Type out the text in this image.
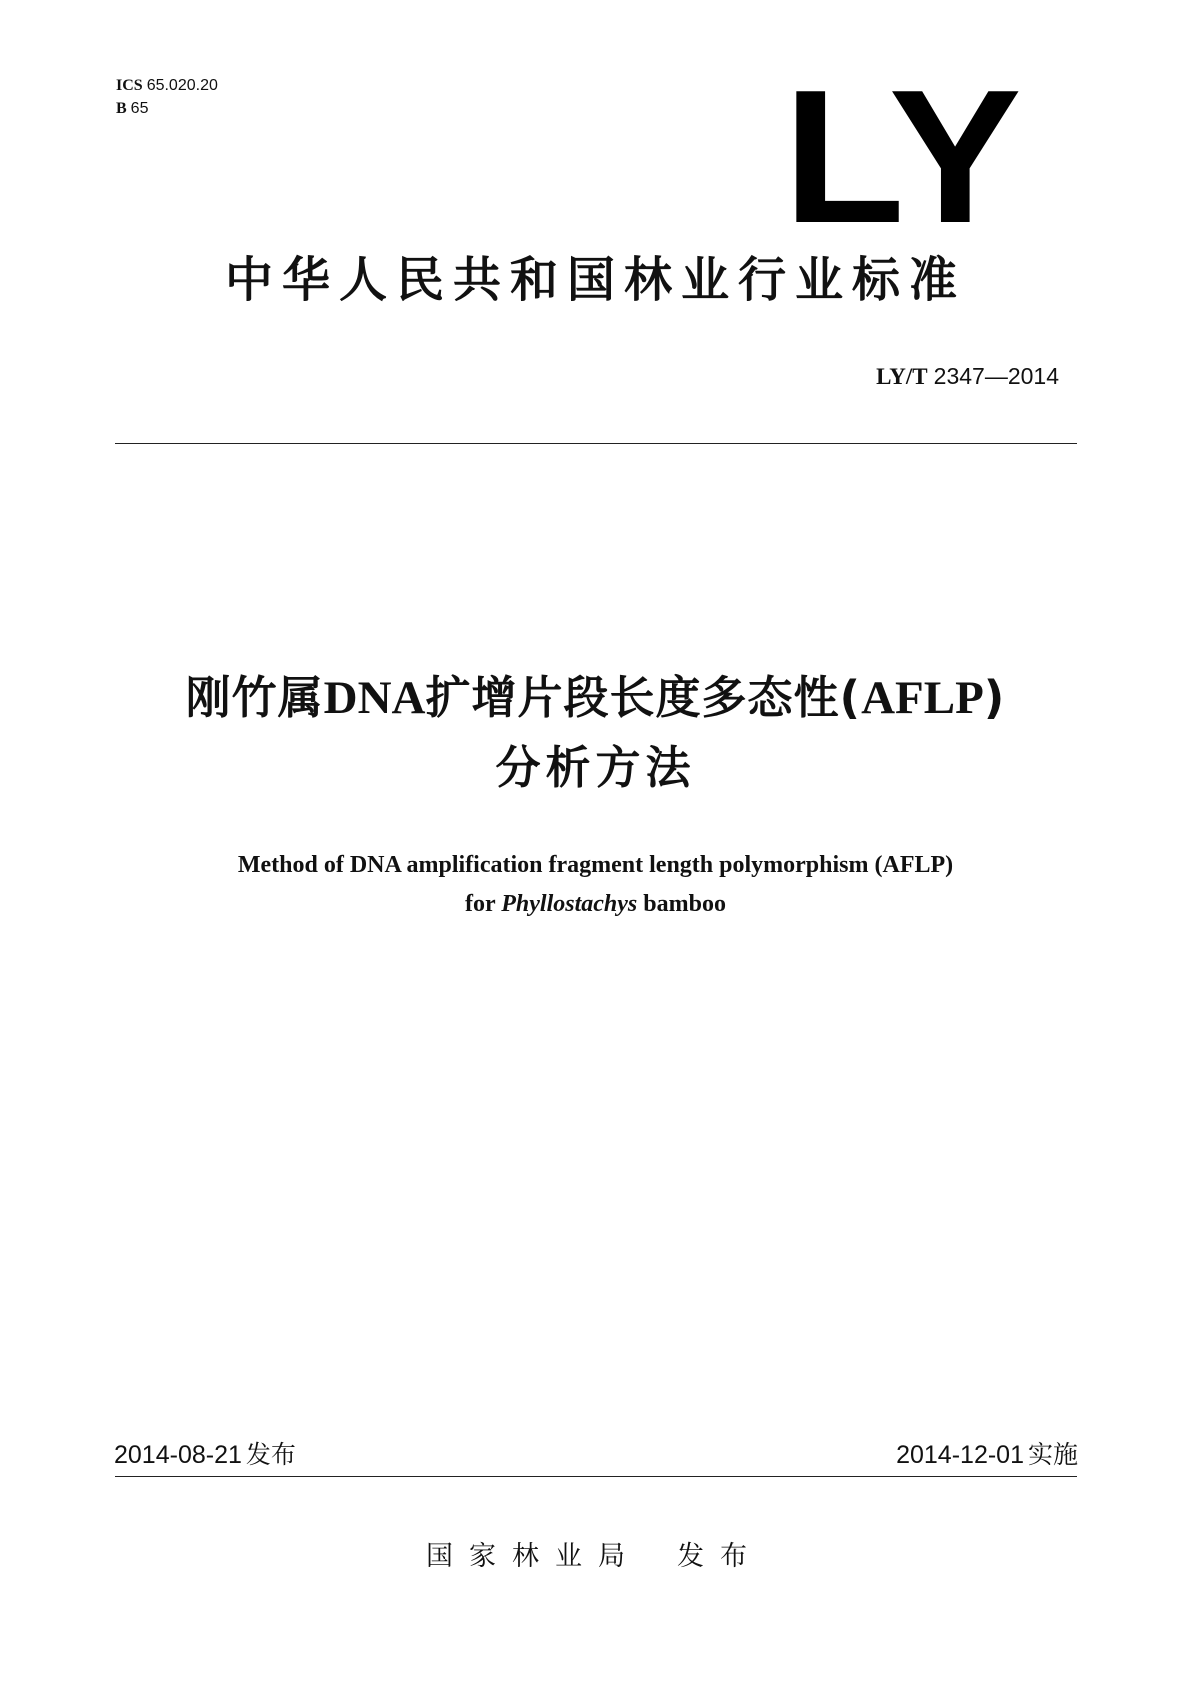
ICS 65.020.20
B 65	LY
中华人民共和国林业行业标准
LY/T 2347—2014
刚竹属DNA扩增片段长度多态性(AFLP)
分析方法
Method of DNA amplification fragment length polymorphism (AFLP)
for Phyllostachys bamboo
2014-08-21 发布	2014-12-01 实施
国家林业局 发布
